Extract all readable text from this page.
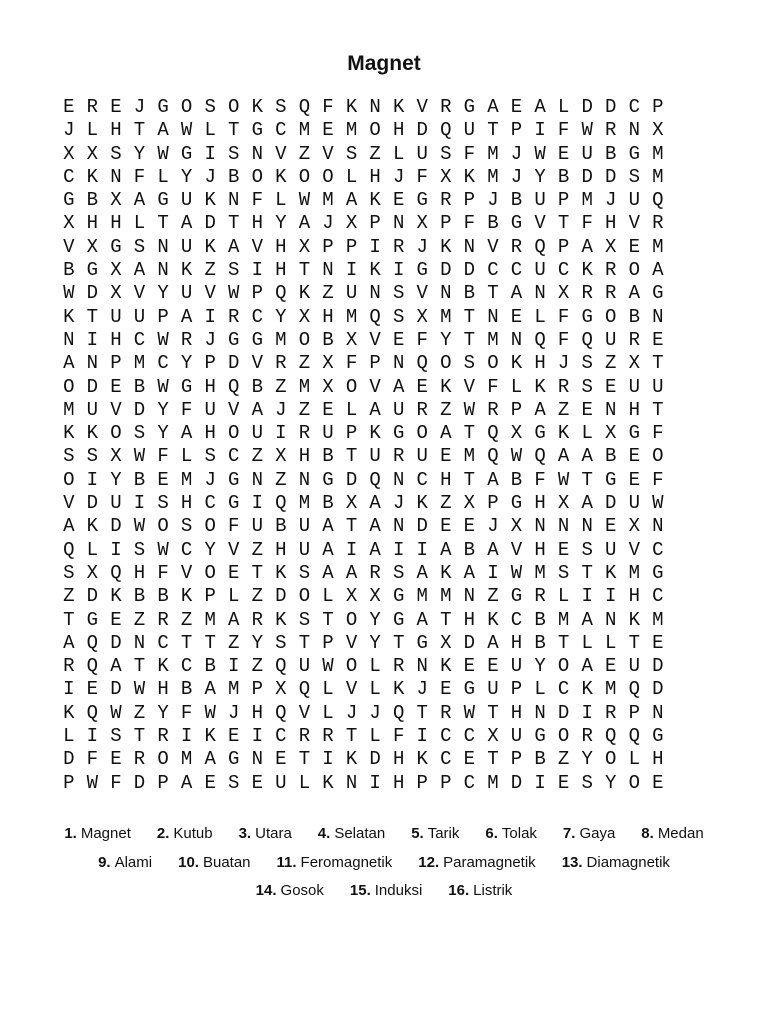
Magnet
E R E J G O S O K S Q F K N K V R G A E A L D D C P
J L H T A W L T G C M E M O H D Q U T P I F W R N X
X X S Y W G I S N V Z V S Z L U S F M J W E U B G M
C K N F L Y J B O K O O L H J F X K M J Y B D D S M
G B X A G U K N F L W M A K E G R P J B U P M J U Q
X H H L T A D T H Y A J X P N X P F B G V T F H V R
V X G S N U K A V H X P P I R J K N V R Q P A X E M
B G X A N K Z S I H T N I K I G D D C C U C K R O A
W D X V Y U V W P Q K Z U N S V N B T A N X R R A G
K T U U P A I R C Y X H M Q S X M T N E L F G O B N
N I H C W R J G G M O B X V E F Y T M N Q F Q U R E
A N P M C Y P D V R Z X F P N Q O S O K H J S Z X T
O D E B W G H Q B Z M X O V A E K V F L K R S E U U
M U V D Y F U V A J Z E L A U R Z W R P A Z E N H T
K K O S Y A H O U I R U P K G O A T Q X G K L X G F
S S X W F L S C Z X H B T U R U E M Q W Q A A B E O
O I Y B E M J G N Z N G D Q N C H T A B F W T G E F
V D U I S H C G I Q M B X A J K Z X P G H X A D U W
A K D W O S O F U B U A T A N D E E J X N N N E X N
Q L I S W C Y V Z H U A I A I I A B A V H E S U V C
S X Q H F V O E T K S A A R S A K A I W M S T K M G
Z D K B B K P L Z D O L X X G M M N Z G R L I I H C
T G E Z R Z M A R K S T O Y G A T H K C B M A N K M
A Q D N C T T Z Y S T P V Y T G X D A H B T L L T E
R Q A T K C B I Z Q U W O L R N K E E U Y O A E U D
I E D W H B A M P X Q L V L K J E G U P L C K M Q D
K Q W Z Y F W J H Q V L J J Q T R W T H N D I R P N
L I S T R I K E I C R R T L F I C C X U G O R Q Q G
D F E R O M A G N E T I K D H K C E T P B Z Y O L H
P W F D P A E S E U L K N I H P P C M D I E S Y O E
1. Magnet 2. Kutub 3. Utara 4. Selatan 5. Tarik 6. Tolak 7. Gaya 8. Medan
9. Alami 10. Buatan 11. Feromagnetik 12. Paramagnetik 13. Diamagnetik
14. Gosok 15. Induksi 16. Listrik
